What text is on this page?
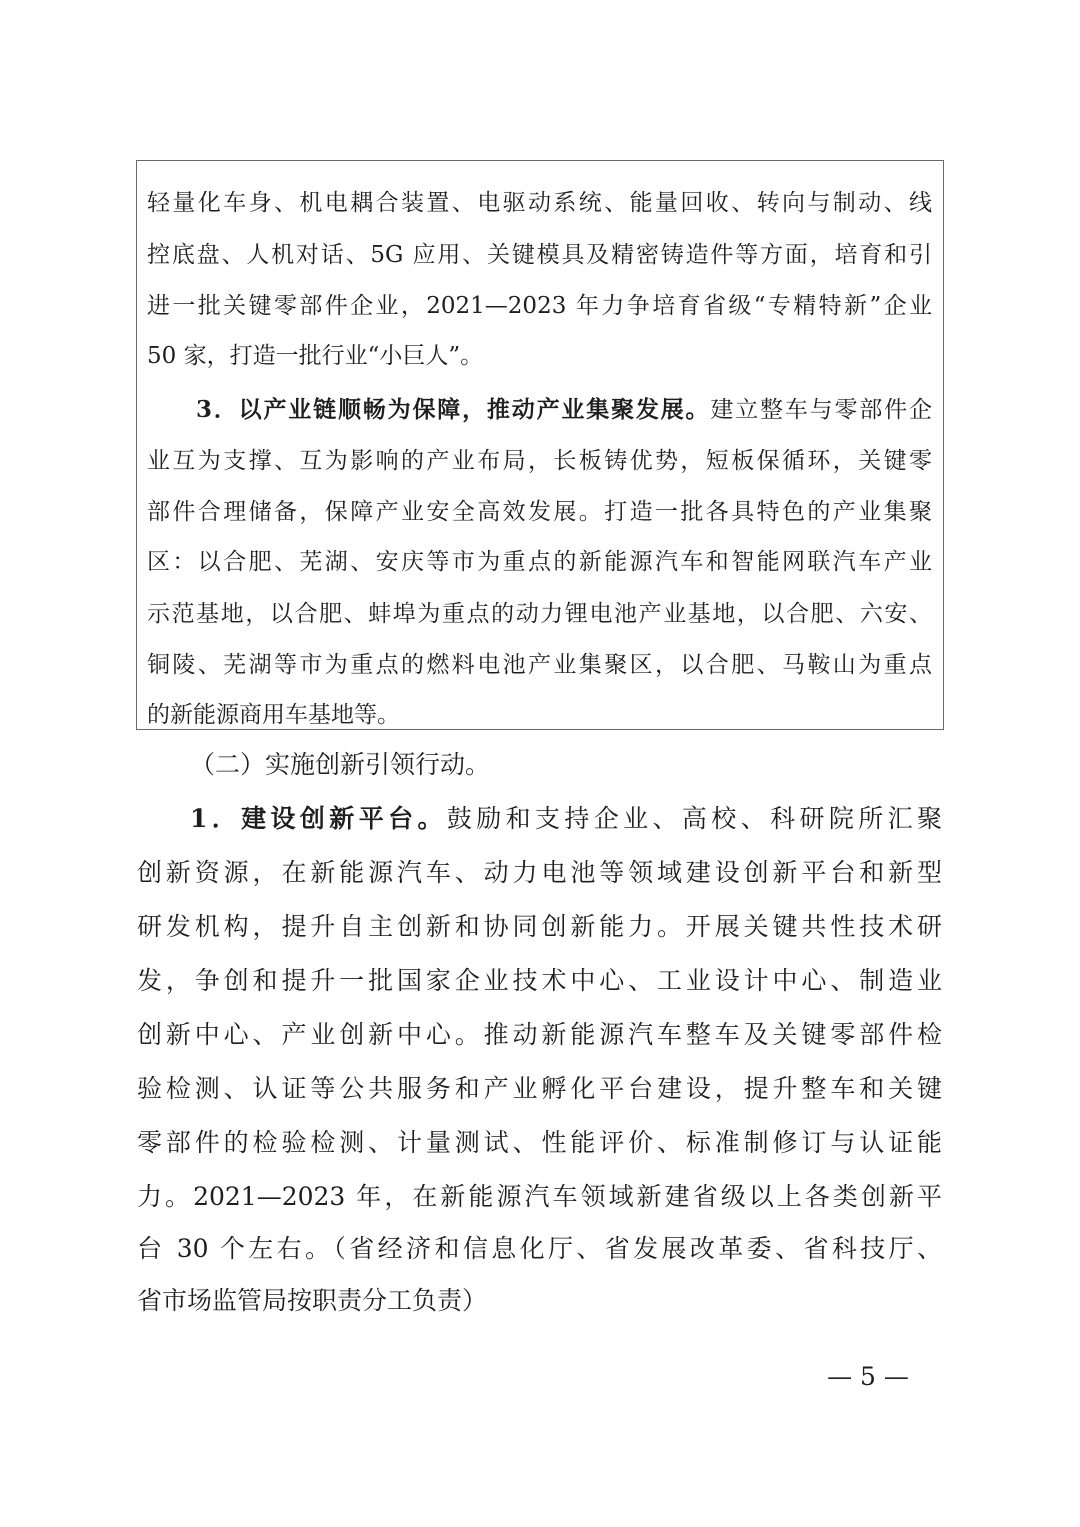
轻量化车身、机电耦合装置、电驱动系统、能量回收、转向与制动、线
控底盘、人机对话、5G 应用、关键模具及精密铸造件等方面，培育和引
进一批关键零部件企业，2021—2023 年力争培育省级“专精特新”企业
50 家，打造一批行业“小巨人”。
3．以产业链顺畅为保障，推动产业集聚发展。建立整车与零部件企
业互为支撑、互为影响的产业布局，长板铸优势，短板保循环，关键零
部件合理储备，保障产业安全高效发展。打造一批各具特色的产业集聚
区：以合肥、芜湖、安庆等市为重点的新能源汽车和智能网联汽车产业
示范基地，以合肥、蚌埠为重点的动力锂电池产业基地，以合肥、六安、
铜陵、芜湖等市为重点的燃料电池产业集聚区，以合肥、马鞍山为重点
的新能源商用车基地等。
（二）实施创新引领行动。
1．建设创新平台。鼓励和支持企业、高校、科研院所汇聚
创新资源，在新能源汽车、动力电池等领域建设创新平台和新型
研发机构，提升自主创新和协同创新能力。开展关键共性技术研
发，争创和提升一批国家企业技术中心、工业设计中心、制造业
创新中心、产业创新中心。推动新能源汽车整车及关键零部件检
验检测、认证等公共服务和产业孵化平台建设，提升整车和关键
零部件的检验检测、计量测试、性能评价、标准制修订与认证能
力。2021—2023 年，在新能源汽车领域新建省级以上各类创新平
台 30 个左右。（省经济和信息化厅、省发展改革委、省科技厅、
省市场监管局按职责分工负责）
— 5 —
